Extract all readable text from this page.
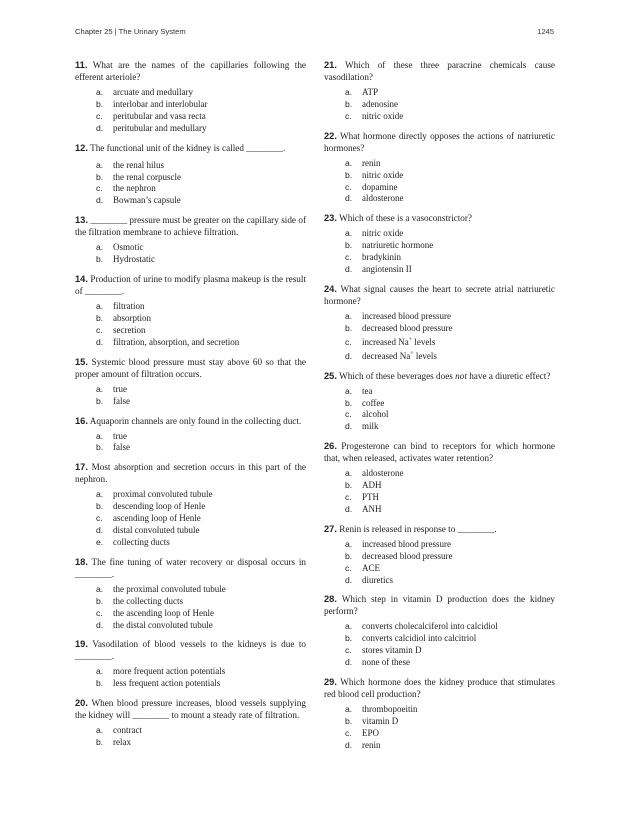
Chapter 25 | The Urinary System	1245

11. What are the names of the capillaries following the efferent arteriole?

a. arcuate and medullary
b. interlobar and interlobular
c. peritubular and vasa recta
d. peritubular and medullary

12. The functional unit of the kidney is called ________.

a. the renal hilus
b. the renal corpuscle
c. the nephron
d. Bowman’s capsule

13. ________ pressure must be greater on the capillary side of the filtration membrane to achieve filtration.

a. Osmotic
b. Hydrostatic

14. Production of urine to modify plasma makeup is the result of ________.

a. filtration
b. absorption
c. secretion
d. filtration, absorption, and secretion

15. Systemic blood pressure must stay above 60 so that the proper amount of filtration occurs.

a. true
b. false

16. Aquaporin channels are only found in the collecting duct.

a. true
b. false

17. Most absorption and secretion occurs in this part of the nephron.

a. proximal convoluted tubule
b. descending loop of Henle
c. ascending loop of Henle
d. distal convoluted tubule
e. collecting ducts

18. The fine tuning of water recovery or disposal occurs in ________.

a. the proximal convoluted tubule
b. the collecting ducts
c. the ascending loop of Henle
d. the distal convoluted tubule

19. Vasodilation of blood vessels to the kidneys is due to ________.

a. more frequent action potentials
b. less frequent action potentials

20. When blood pressure increases, blood vessels supplying the kidney will ________ to mount a steady rate of filtration.

a. contract
b. relax

21. Which of these three paracrine chemicals cause vasodilation?

a. ATP
b. adenosine
c. nitric oxide

22. What hormone directly opposes the actions of natriuretic hormones?

a. renin
b. nitric oxide
c. dopamine
d. aldosterone

23. Which of these is a vasoconstrictor?

a. nitric oxide
b. natriuretic hormone
c. bradykinin
d. angiotensin II

24. What signal causes the heart to secrete atrial natriuretic hormone?

a. increased blood pressure
b. decreased blood pressure
c. increased Na+ levels
d. decreased Na+ levels

25. Which of these beverages does not have a diuretic effect?

a. tea
b. coffee
c. alcohol
d. milk

26. Progesterone can bind to receptors for which hormone that, when released, activates water retention?

a. aldosterone
b. ADH
c. PTH
d. ANH

27. Renin is released in response to ________.

a. increased blood pressure
b. decreased blood pressure
c. ACE
d. diuretics

28. Which step in vitamin D production does the kidney perform?

a. converts cholecalciferol into calcidiol
b. converts calcidiol into calcitriol
c. stores vitamin D
d. none of these

29. Which hormone does the kidney produce that stimulates red blood cell production?

a. thrombopoeitin
b. vitamin D
c. EPO
d. renin
